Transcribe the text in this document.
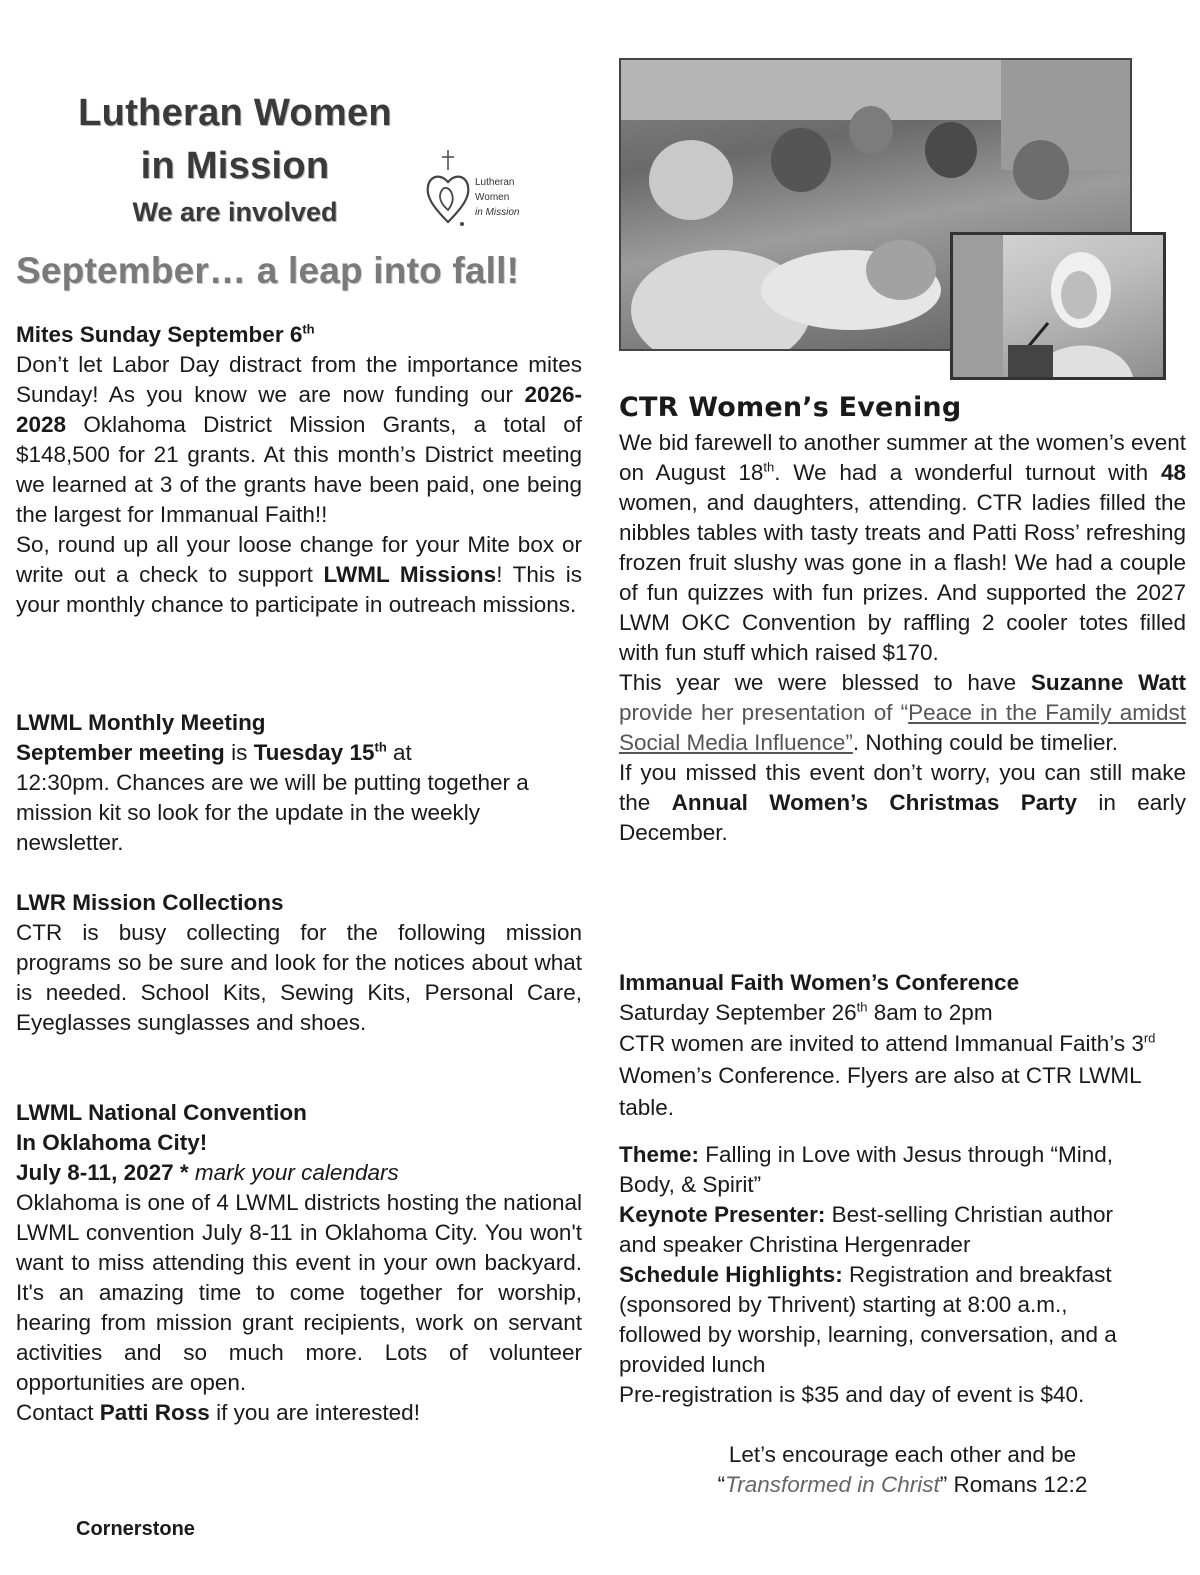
Lutheran Women
in Mission
We are involved
Lutheran
Women
in Mission
September… a leap into fall!
Mites Sunday September 6th

Don’t let Labor Day distract from the importance mites Sunday! As you know we are now funding our 2026-2028 Oklahoma District Mission Grants, a total of $148,500 for 21 grants. At this month’s District meeting we learned at 3 of the grants have been paid, one being the largest for Immanual Faith!!

So, round up all your loose change for your Mite box or write out a check to support LWML Missions! This is your monthly chance to participate in outreach missions.

LWML Monthly Meeting

September meeting is Tuesday 15th at

12:30pm. Chances are we will be putting together a mission kit so look for the update in the weekly newsletter.

LWR Mission Collections

CTR is busy collecting for the following mission programs so be sure and look for the notices about what is needed. School Kits, Sewing Kits, Personal Care, Eyeglasses sunglasses and shoes.

LWML National Convention
In Oklahoma City!

July 8-11, 2027 * mark your calendars

Oklahoma is one of 4 LWML districts hosting the national LWML convention July 8-11 in Oklahoma City. You won't want to miss attending this event in your own backyard. It's an amazing time to come together for worship, hearing from mission grant recipients, work on servant activities and so much more. Lots of volunteer opportunities are open.

Contact Patti Ross if you are interested!

CTR Women’s Evening

We bid farewell to another summer at the women’s event on August 18th. We had a wonderful turnout with 48 women, and daughters, attending. CTR ladies filled the nibbles tables with tasty treats and Patti Ross’ refreshing frozen fruit slushy was gone in a flash! We had a couple of fun quizzes with fun prizes. And supported the 2027 LWM OKC Convention by raffling 2 cooler totes filled with fun stuff which raised $170.

This year we were blessed to have Suzanne Watt provide her presentation of “Peace in the Family amidst Social Media Influence”. Nothing could be timelier.

If you missed this event don’t worry, you can still make the Annual Women’s Christmas Party in early December.

Immanual Faith Women’s Conference

Saturday September 26th 8am to 2pm

CTR women are invited to attend Immanual Faith’s 3rd Women’s Conference. Flyers are also at CTR LWML table.

Theme: Falling in Love with Jesus through “Mind, Body, & Spirit”

Keynote Presenter: Best-selling Christian author and speaker Christina Hergenrader

Schedule Highlights: Registration and breakfast (sponsored by Thrivent) starting at 8:00 a.m., followed by worship, learning, conversation, and a provided lunch

Pre-registration is $35 and day of event is $40.

Let’s encourage each other and be
“Transformed in Christ” Romans 12:2
Cornerstone
